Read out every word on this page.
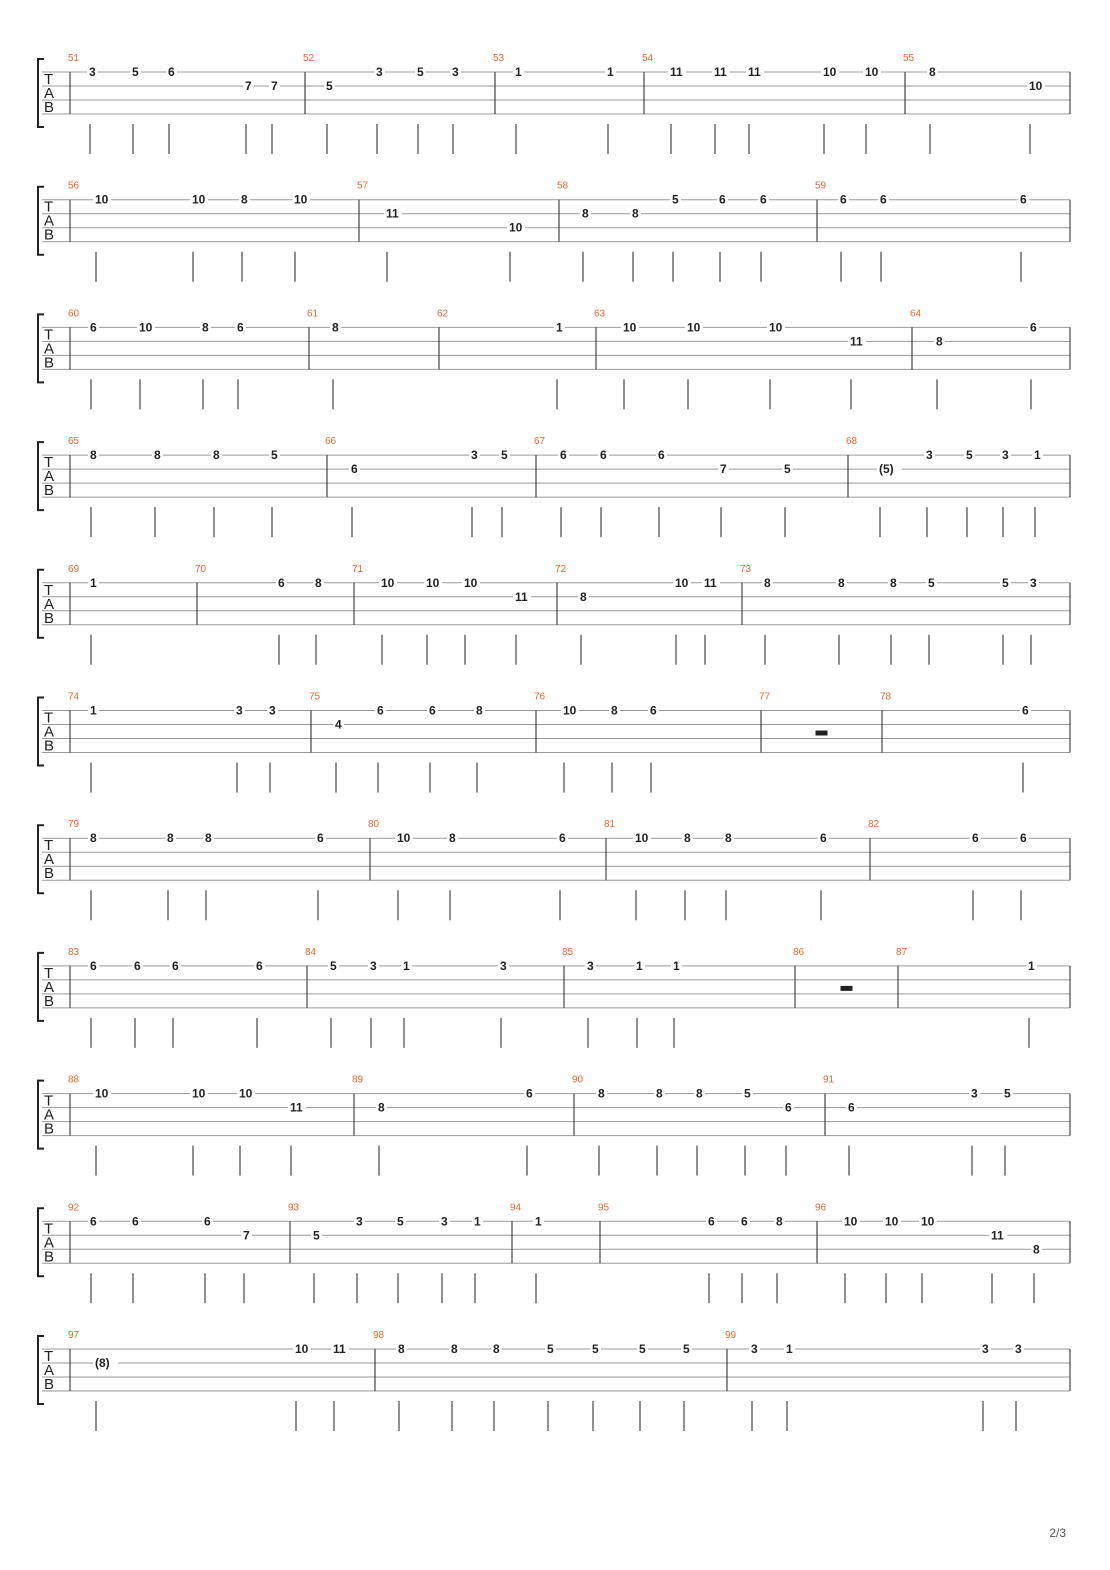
T
A
B
51
3	5 6
7 7
52
5
3	5 3
53
1	1
54
11	11 11	10 10
55
8
10
T
A
B
56
10	10	8	10
57
11
10
58
8	8
5	6	6
59
6	6	6
T
A
B
60
6	10	8 6
61
8
62
1
63
10	10	10
11
64
8
6
T
A
B
65
8	8	8	5
66
6
3 5
67
6	6	6
7	5
68
(5)
3	5 3 1
T
A
B
69
1
70
6	8
71
10	10 10
11
72
8
10 11
73
8	8	8	5	5 3
T
A
B
74
1	3 3
75
4
6	6	8
76
10	8	6
77	78
6
T
A
B
79
8	8	8	6
80
10	8	6
81
10	8	8	6
82
6	6
T
A
B
83
6	6	6	6
84
5	3 1	3
85
3	1	1
86	87
1
T
A
B
88
10	10	10
11
89
8
6
90
8	8	8	5
6
91
6
3 5
T
A
B
92
6	6	6
7
93
5
3	5	3 1
94
1
95
6 6 8
96
10 10 10
11
8
T
A
B
97
(8)
10 11
98
8	8	8	5	5	5	5
99
3 1	3 3
2/3
